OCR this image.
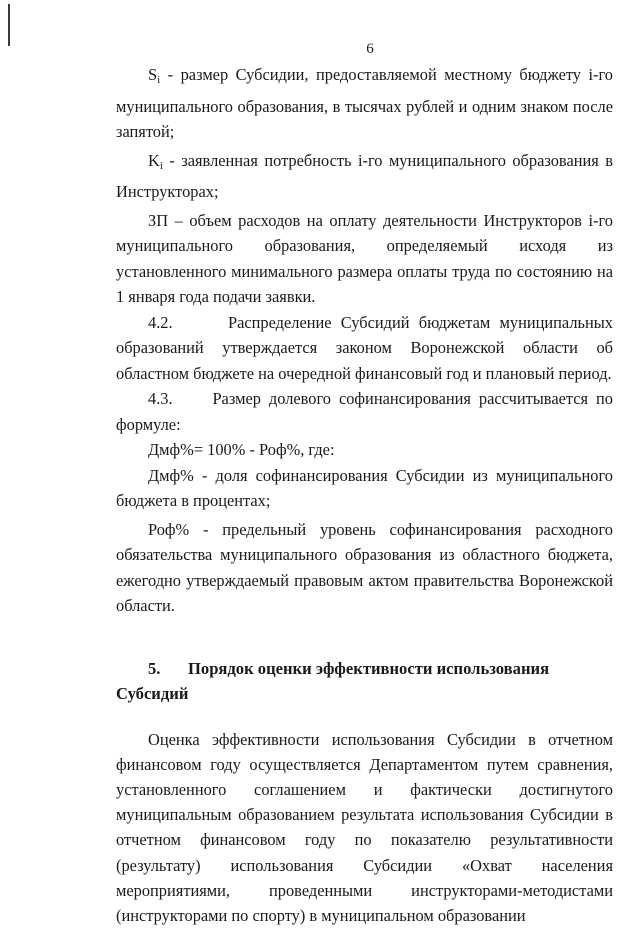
6

$S_i$ - размер Субсидии, предоставляемой местному бюджету i-го муниципального образования, в тысячах рублей и одним знаком после запятой;

$K_i$ - заявленная потребность i-го муниципального образования в Инструкторах;

ЗП – объем расходов на оплату деятельности Инструкторов i-го муниципального образования, определяемый исходя из установленного минимального размера оплаты труда по состоянию на 1 января года подачи заявки.

4.2.	Распределение Субсидий бюджетам муниципальных образований утверждается законом Воронежской области об областном бюджете на очередной финансовый год и плановый период.

4.3. Размер долевого софинансирования рассчитывается по формуле:

Дмф%= 100% - Роф%, где:

Дмф% - доля софинансирования Субсидии из муниципального бюджета в процентах;

Роф% - предельный уровень софинансирования расходного обязательства муниципального образования из областного бюджета, ежегодно утверждаемый правовым актом правительства Воронежской области.

5. Порядок оценки эффективности использования Субсидий

Оценка эффективности использования Субсидии в отчетном финансовом году осуществляется Департаментом путем сравнения, установленного соглашением и фактически достигнутого муниципальным образованием результата использования Субсидии в отчетном финансовом году по показателю результативности (результату) использования Субсидии «Охват населения мероприятиями, проведенными инструкторами-методистами (инструкторами по спорту) в муниципальном образовании
